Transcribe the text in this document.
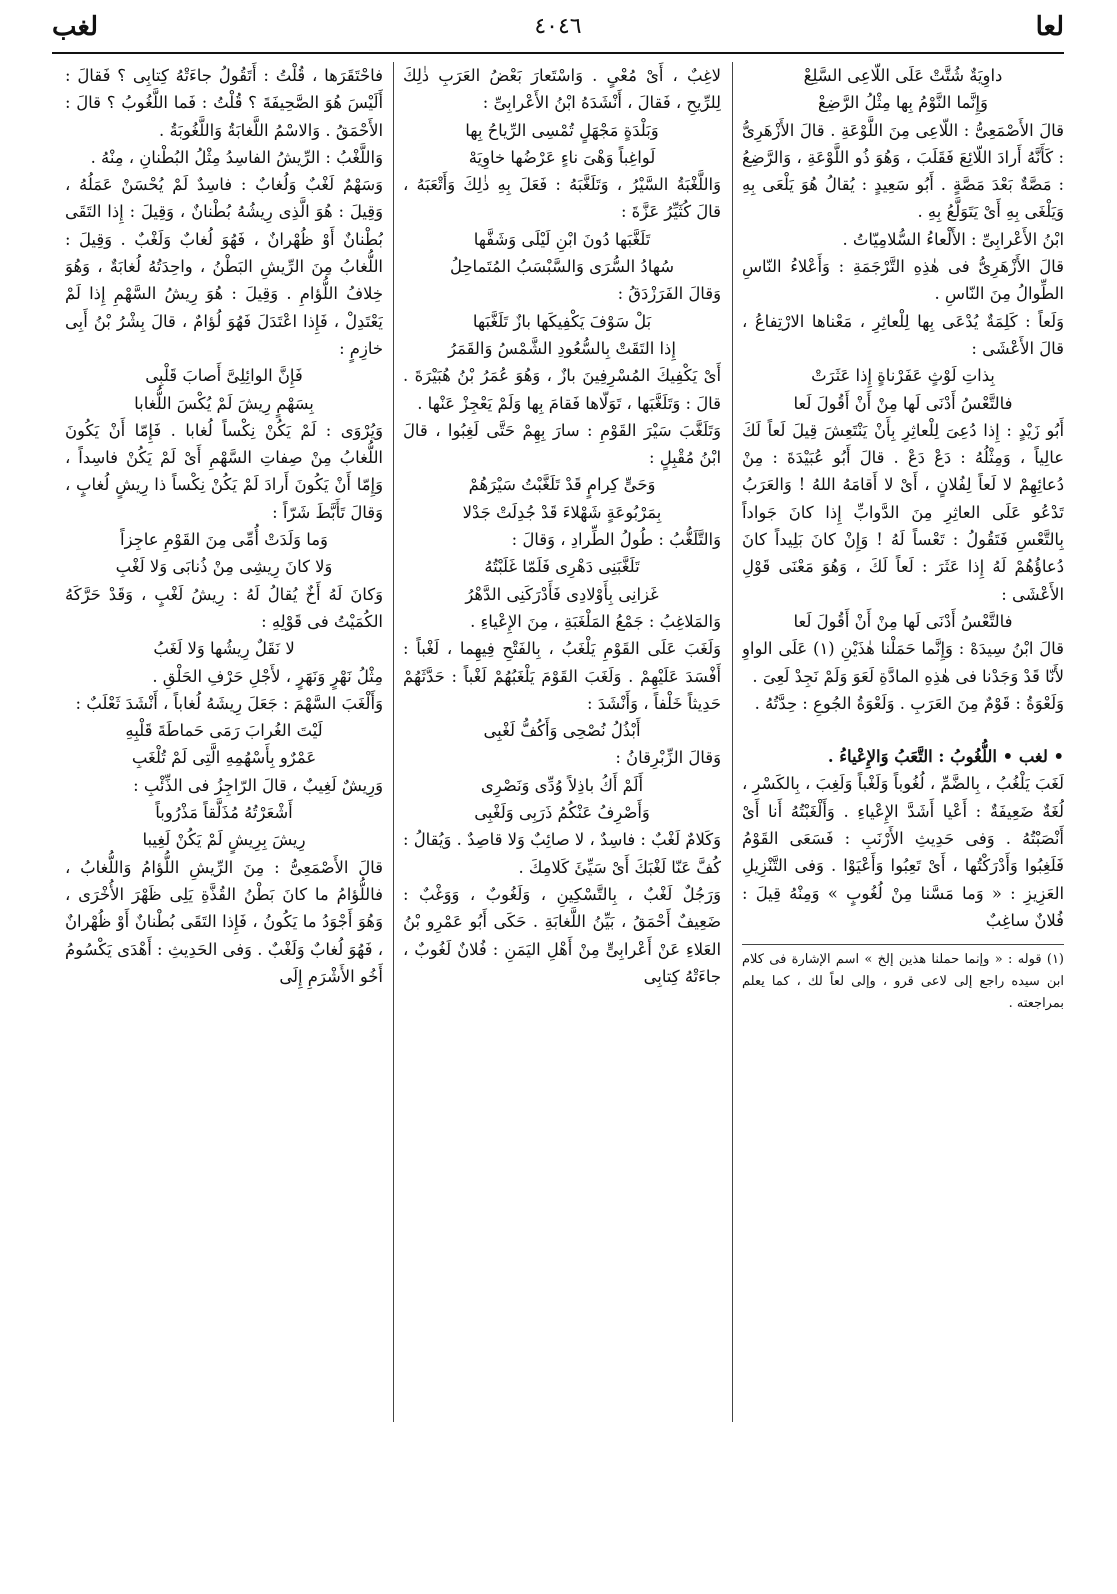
لعا
٤٠٤٦
لغب

داوِيَةٌ شُتَّتْ عَلَى اللّاعِى السَّلِعْ

وَإِنَّما النَّوْمُ بِها مِثْلُ الرَّضِعْ

قالَ الأَصْمَعِىُّ : اللّاعِى مِنَ اللَّوْعَةِ . قالَ الأَزْهَرِىُّ : كَأَنَّهُ أَرادَ اللّائِعَ فَقَلَبَ ، وَهُوَ ذُو اللَّوْعَةِ ، وَالرَّضِعُ : مَصَّةٌ بَعْدَ مَصَّةٍ . أَبُو سَعِيدٍ : يُقالُ هُوَ يَلْعَى بِهِ وَيَلْغَى بِهِ أَىْ يَتَوَلَّعُ بِهِ .

ابْنُ الأَعْرابِىِّ : الأَلْعاءُ السُّلامِيّاتُ .

قالَ الأَزْهَرِىُّ فى هٰذِهِ التَّرْجَمَةِ : وَأَعْلاءُ النّاسِ الطِّوالُ مِنَ النّاسِ .

وَلَعاً : كَلِمَةٌ يُدْعَى بِها لِلْعاثِرِ ، مَعْناها الارْتِفاعُ ، قالَ الأَعْشَى :

بِذاتِ لَوْثٍ عَفَرْناةٍ إِذا عَثَرَتْ

فالتَّعْسُ أَدْنَى لَها مِنْ أَنْ أَقُولَ لَعا

أَبُو زَيْدٍ : إِذا دُعِىَ لِلْعاثِرِ بِأَنْ يَنْتَعِشَ قِيلَ لَعاً لَكَ عالِياً ، وَمِثْلُهُ : دَعْ دَعْ . قالَ أَبُو عُبَيْدَةَ : مِنْ دُعائِهِمْ لا لَعاً لِفُلانٍ ، أَىْ لا أَقامَهُ اللهُ ! وَالعَرَبُ تَدْعُو عَلَى العاثِرِ مِنَ الدَّوابِّ إِذا كانَ جَواداً بِالتَّعْسِ فَتَقُولُ : تَعْساً لَهُ ! وَإِنْ كانَ بَلِيداً كانَ دُعاؤُهُمْ لَهُ إِذا عَثَرَ : لَعاً لَكَ ، وَهُوَ مَعْنَى قَوْلِ الأَعْشَى :

فالتَّعْسُ أَدْنَى لَها مِنْ أَنْ أَقُولَ لَعا

قالَ ابْنُ سِيدَهْ : وَإِنَّما حَمَلْنا هٰذَيْنِ (١) عَلَى الواوِ لأَنّا قَدْ وَجَدْنا فى هٰذِهِ المادَّةِ لَعَوَ وَلَمْ نَجِدْ لَعِىَ .

وَلَعْوَةُ : قَوْمٌ مِنَ العَرَبِ . وَلَعْوَةُ الجُوعِ : حِدَّتُهُ .

• لغب • اللُّغُوبُ : التَّعَبُ وَالإِعْياءُ .

لَغَبَ يَلْغُبُ ، بِالضَّمِّ ، لُغُوباً وَلَغْباً وَلَغِبَ ، بِالكَسْرِ ، لُغَةٌ ضَعِيفَةٌ : أَعْيا أَشَدَّ الإِعْياءِ . وَأَلْغَبْتُهُ أَنا أَىْ أَنْصَبْتُهُ . وَفى حَدِيثِ الأَرْنَبِ : فَسَعَى القَوْمُ فَلَغِبُوا وَأَدْرَكْتُها ، أَىْ تَعِبُوا وَأَعْيَوْا . وَفى التَّنْزِيلِ العَزِيزِ : « وَما مَسَّنا مِنْ لُغُوبٍ » وَمِنْهُ قِيلَ : فُلانٌ ساغِبٌ

(١) قوله : « وإنما حملنا هذين إلخ » اسم الإشارة فى كلام ابن سيده راجع إلى لاعى قرو ، وإلى لعاً لك ، كما يعلم بمراجعته .

لاغِبٌ ، أَىْ مُعْىٍ . وَاسْتَعارَ بَعْضُ العَرَبِ ذٰلِكَ لِلرِّيحِ ، فَقالَ ، أَنْشَدَهُ ابْنُ الأَعْرابِىِّ :

وَبَلْدَةٍ مَجْهَلٍ تُمْسِى الرِّياحُ بِها

لَواغِباً وَهْىَ ناءٍ عَرْضُها خاوِيَهْ

وَاللَّغْبَةُ السَّيْرُ ، وَتَلَغَّبَهُ : فَعَلَ بِهِ ذٰلِكَ وَأَتْعَبَهُ ، قالَ كُثَيِّرُ عَزَّةَ :

تَلَغَّبَها دُونَ ابْنِ لَيْلَى وَشَفَّها

سُهادُ السُّرَى وَالسَّبْسَبُ المُتَماحِلُ

وَقالَ الفَرَزْدَقُ :

بَلْ سَوْفَ يَكْفِيكَها بازٌ تَلَغَّبَها

إِذا التَقَتْ بِالسُّعُودِ الشَّمْسُ وَالقَمَرُ

أَىْ يَكْفِيكَ المُسْرِفِينَ بازٌ ، وَهُوَ عُمَرُ بْنُ هُبَيْرَةَ . قالَ : وَتَلَغَّبَها ، تَوَلّاها فَقامَ بِها وَلَمْ يَعْجِزْ عَنْها .

وَتَلَغَّبَ سَيْرَ القَوْمِ : سارَ بِهِمْ حَتَّى لَغِبُوا ، قالَ ابْنُ مُقْبِلٍ :

وَحَىٍّ كِرامٍ قَدْ تَلَغَّبْتُ سَيْرَهُمْ

بِمَرْبُوعَةٍ شَهْلاءَ قَدْ جُدِلَتْ جَدْلا

وَالتَّلَغُّبُ : طُولُ الطِّرادِ ، وَقالَ :

تَلَغَّبَنِى دَهْرِى فَلَمّا غَلَبْتُهُ

غَزانِى بِأَوْلادِى فَأَدْرَكَنِى الدَّهْرُ

وَالمَلاغِبُ : جَمْعُ المَلْغَبَةِ ، مِنَ الإِعْياءِ .

وَلَغَبَ عَلَى القَوْمِ يَلْغَبُ ، بِالفَتْحِ فِيهِما ، لَغْباً : أَفْسَدَ عَلَيْهِمْ . وَلَغَبَ القَوْمَ يَلْغَبُهُمْ لَغْباً : حَدَّثَهُمْ حَدِيثاً خَلْفاً ، وَأَنْشَدَ :

أَبْذُلُ نُصْحِى وَأَكُفُّ لَغْبِى

وَقالَ الزِّبْرِقانُ :

أَلَمْ أَكُ باذِلاً وُدِّى وَنَصْرِى

وَأَصْرِفُ عَنْكُمُ ذَرَبِى وَلَغْبِى

وَكَلامٌ لَغْبٌ : فاسِدٌ ، لا صائِبٌ وَلا قاصِدٌ . وَيُقالُ : كُفَّ عَنّا لَغْبَكَ أَىْ سَيِّئَ كَلامِكَ .

وَرَجُلٌ لَغْبٌ ، بِالتَّسْكِينِ ، وَلَغُوبٌ ، وَوَغْبٌ : ضَعِيفٌ أَحْمَقُ ، بَيِّنُ اللَّغابَةِ . حَكَى أَبُو عَمْرِو بْنُ العَلاءِ عَنْ أَعْرابِىٍّ مِنْ أَهْلِ اليَمَنِ : فُلانٌ لَغُوبٌ ، جاءَتْهُ كِتابِى

فاحْتَقَرَها ، قُلْتُ : أَتَقُولُ جاءَتْهُ كِتابِى ؟ فَقالَ : أَلَيْسَ هُوَ الصَّحِيفَةَ ؟ قُلْتُ : فَما اللَّغُوبُ ؟ قالَ : الأَحْمَقُ . وَالاسْمُ اللَّغابَةُ وَاللَّغُوبَةُ .

وَاللَّغْبُ : الرِّيشُ الفاسِدُ مِثْلُ البُطْنانِ ، مِنْهُ .

وَسَهْمٌ لَغْبٌ وَلُغابٌ : فاسِدٌ لَمْ يُحْسَنْ عَمَلُهُ ، وَقِيلَ : هُوَ الَّذِى رِيشُهُ بُطْنانٌ ، وَقِيلَ : إِذا التَقَى بُطْنانٌ أَوْ ظُهْرانٌ ، فَهُوَ لُغابٌ وَلَغْبٌ . وَقِيلَ : اللُّغابُ مِنَ الرِّيشِ البَطْنُ ، واحِدَتُهُ لُغابَةٌ ، وَهُوَ خِلافُ اللُّؤامِ . وَقِيلَ : هُوَ رِيشُ السَّهْمِ إِذا لَمْ يَعْتَدِلْ ، فَإِذا اعْتَدَلَ فَهُوَ لُؤامٌ ، قالَ بِشْرُ بْنُ أَبِى خازِمٍ :

فَإِنَّ الوائِلِىَّ أَصابَ قَلْبِى

بِسَهْمٍ رِيشَ لَمْ يُكْسَ اللُّغابا

وَيُرْوَى : لَمْ يَكُنْ نِكْساً لُغابا . فَإِمّا أَنْ يَكُونَ اللُّغابُ مِنْ صِفاتِ السَّهْمِ أَىْ لَمْ يَكُنْ فاسِداً ، وَإِمّا أَنْ يَكُونَ أَرادَ لَمْ يَكُنْ نِكْساً ذا رِيشٍ لُغابٍ ، وَقالَ تَأَبَّطَ شَرّاً :

وَما وَلَدَتْ أُمِّى مِنَ القَوْمِ عاجِزاً

وَلا كانَ رِيشِى مِنْ ذُنابَى وَلا لَغْبِ

وَكانَ لَهُ أَخٌ يُقالُ لَهُ : رِيشُ لَغْبٍ ، وَقَدْ حَرَّكَهُ الكُمَيْتُ فى قَوْلِهِ :

لا نَقَلٌ رِيشُها وَلا لَغَبُ

مِثْلُ نَهْرٍ وَنَهَرٍ ، لأَجْلِ حَرْفِ الحَلْقِ .

وَأَلْغَبَ السَّهْمَ : جَعَلَ رِيشَهُ لُغاباً ، أَنْشَدَ ثَعْلَبٌ :

لَيْتَ الغُرابَ رَمَى حَماطَةَ قَلْبِهِ

عَمْرٌو بِأَسْهُمِهِ الَّتِى لَمْ تُلْغَبِ

وَرِيشٌ لَغِيبٌ ، قالَ الرّاجِزُ فى الذِّئْبِ :

أَشْعَرْتُهُ مُذَلَّقاً مَذْرُوباً

رِيشَ بِرِيشٍ لَمْ يَكُنْ لَغِيبا

قالَ الأَصْمَعِىُّ : مِنَ الرِّيشِ اللُّؤامُ وَاللُّغابُ ، فاللُّؤامُ ما كانَ بَطْنُ القُذَّةِ يَلِى ظَهْرَ الأُخْرَى ، وَهُوَ أَجْوَدُ ما يَكُونُ ، فَإِذا التَقَى بُطْنانٌ أَوْ ظُهْرانٌ ، فَهُوَ لُغابٌ وَلَغْبٌ . وَفى الحَدِيثِ : أَهْدَى يَكْسُومُ أَخُو الأَشْرَمِ إِلَى
